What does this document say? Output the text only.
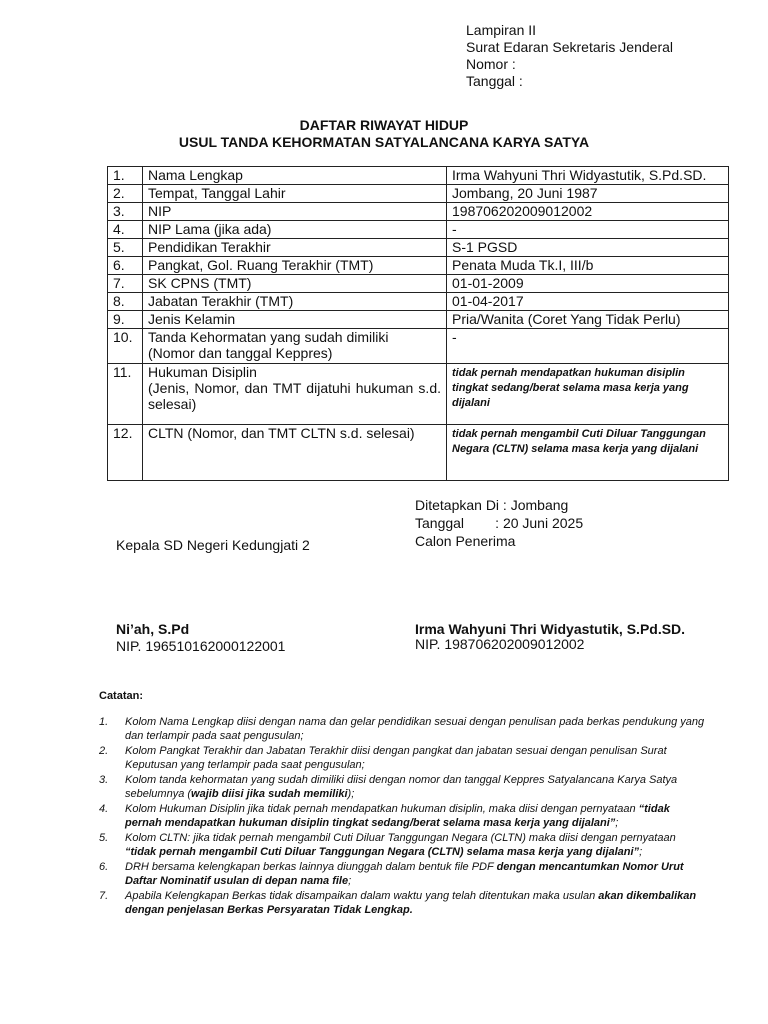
Lampiran II
Surat Edaran Sekretaris Jenderal
Nomor :
Tanggal :
DAFTAR RIWAYAT HIDUP
USUL TANDA KEHORMATAN SATYALANCANA KARYA SATYA
1.	Nama Lengkap	Irma Wahyuni Thri Widyastutik, S.Pd.SD.
2.	Tempat, Tanggal Lahir	Jombang, 20 Juni 1987
3.	NIP	198706202009012002
4.	NIP Lama (jika ada)	-
5.	Pendidikan Terakhir	S-1 PGSD
6.	Pangkat, Gol. Ruang Terakhir (TMT)	Penata Muda Tk.I, III/b
7.	SK CPNS (TMT)	01-01-2009
8.	Jabatan Terakhir (TMT)	01-04-2017
9.	Jenis Kelamin	Pria/Wanita (Coret Yang Tidak Perlu)
10.	Tanda Kehormatan yang sudah dimiliki
(Nomor dan tanggal Keppres)	-
11.	Hukuman Disiplin
(Jenis, Nomor, dan TMT dijatuhi hukuman s.d. selesai)	tidak pernah mendapatkan hukuman disiplin tingkat sedang/berat selama masa kerja yang dijalani

12.	CLTN (Nomor, dan TMT CLTN s.d. selesai)	tidak pernah mengambil Cuti Diluar Tanggungan Negara (CLTN) selama masa kerja yang dijalani
Ditetapkan Di : Jombang
Tanggal        : 20 Juni 2025
Calon Penerima
Kepala SD Negeri Kedungjati 2
Ni’ah, S.Pd
NIP. 196510162000122001
Irma Wahyuni Thri Widyastutik, S.Pd.SD.
NIP. 198706202009012002
Catatan:
1. Kolom Nama Lengkap diisi dengan nama dan gelar pendidikan sesuai dengan penulisan pada berkas pendukung yang dan terlampir pada saat pengusulan;
2. Kolom Pangkat Terakhir dan Jabatan Terakhir diisi dengan pangkat dan jabatan sesuai dengan penulisan Surat Keputusan yang terlampir pada saat pengusulan;
3. Kolom tanda kehormatan yang sudah dimiliki diisi dengan nomor dan tanggal Keppres Satyalancana Karya Satya sebelumnya (wajib diisi jika sudah memiliki);
4. Kolom Hukuman Disiplin jika tidak pernah mendapatkan hukuman disiplin, maka diisi dengan pernyataan “tidak pernah mendapatkan hukuman disiplin tingkat sedang/berat selama masa kerja yang dijalani”;
5. Kolom CLTN: jika tidak pernah mengambil Cuti Diluar Tanggungan Negara (CLTN) maka diisi dengan pernyataan “tidak pernah mengambil Cuti Diluar Tanggungan Negara (CLTN) selama masa kerja yang dijalani”;
6. DRH bersama kelengkapan berkas lainnya diunggah dalam bentuk file PDF dengan mencantumkan Nomor Urut Daftar Nominatif usulan di depan nama file;
7. Apabila Kelengkapan Berkas tidak disampaikan dalam waktu yang telah ditentukan maka usulan akan dikembalikan dengan penjelasan Berkas Persyaratan Tidak Lengkap.
